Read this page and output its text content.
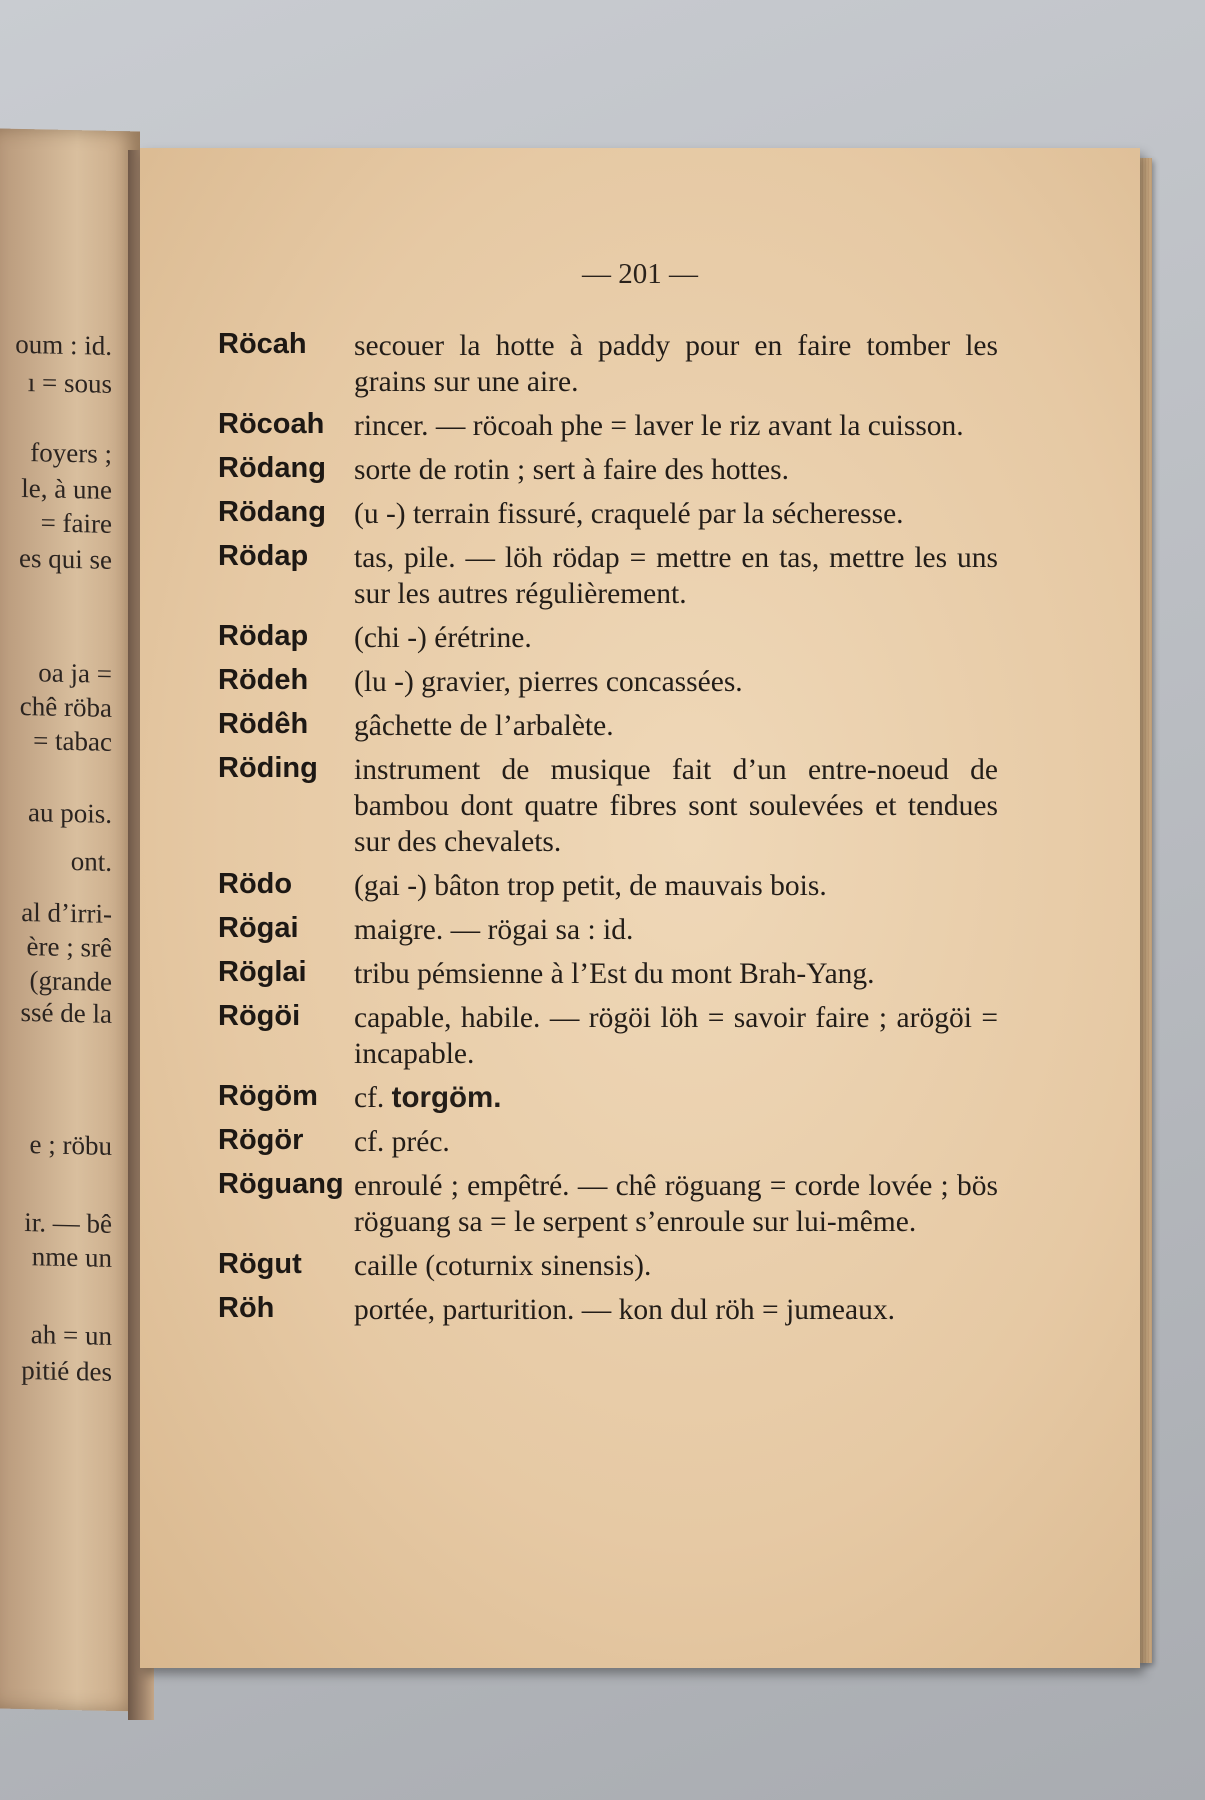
oum : id.
ı = sous
foyers ;
le, à une
= faire
es qui se
oa ja =
chê röba
= tabac
au pois.
ont.
al d’irri-
ère ; srê
(grande
ssé de la
e ; röbu
ir. — bê
nme un
ah = un
pitié des
— 201 —
Röcah secouer la hotte à paddy pour en faire tomber les grains sur une aire.
Röcoah rincer. — röcoah phe = laver le riz avant la cuisson.
Rödang sorte de rotin ; sert à faire des hottes.
Rödang (u -) terrain fissuré, craquelé par la sécheresse.
Rödap tas, pile. — löh rödap = mettre en tas, mettre les uns sur les autres régulièrement.
Rödap (chi -) érétrine.
Rödeh (lu -) gravier, pierres concassées.
Rödêh gâchette de l’arbalète.
Röding instrument de musique fait d’un entre-noeud de bambou dont quatre fibres sont soulevées et tendues sur des chevalets.
Rödo (gai -) bâton trop petit, de mauvais bois.
Rögai maigre. — rögai sa : id.
Röglai tribu pémsienne à l’Est du mont Brah-Yang.
Rögöi capable, habile. — rögöi löh = savoir faire ; arögöi = incapable.
Rögöm cf. torgöm.
Rögör cf. préc.
Röguang enroulé ; empêtré. — chê röguang = corde lovée ; bös röguang sa = le serpent s’enroule sur lui-même.
Rögut caille (coturnix sinensis).
Röh	portée, parturition. — kon dul röh = jumeaux.
